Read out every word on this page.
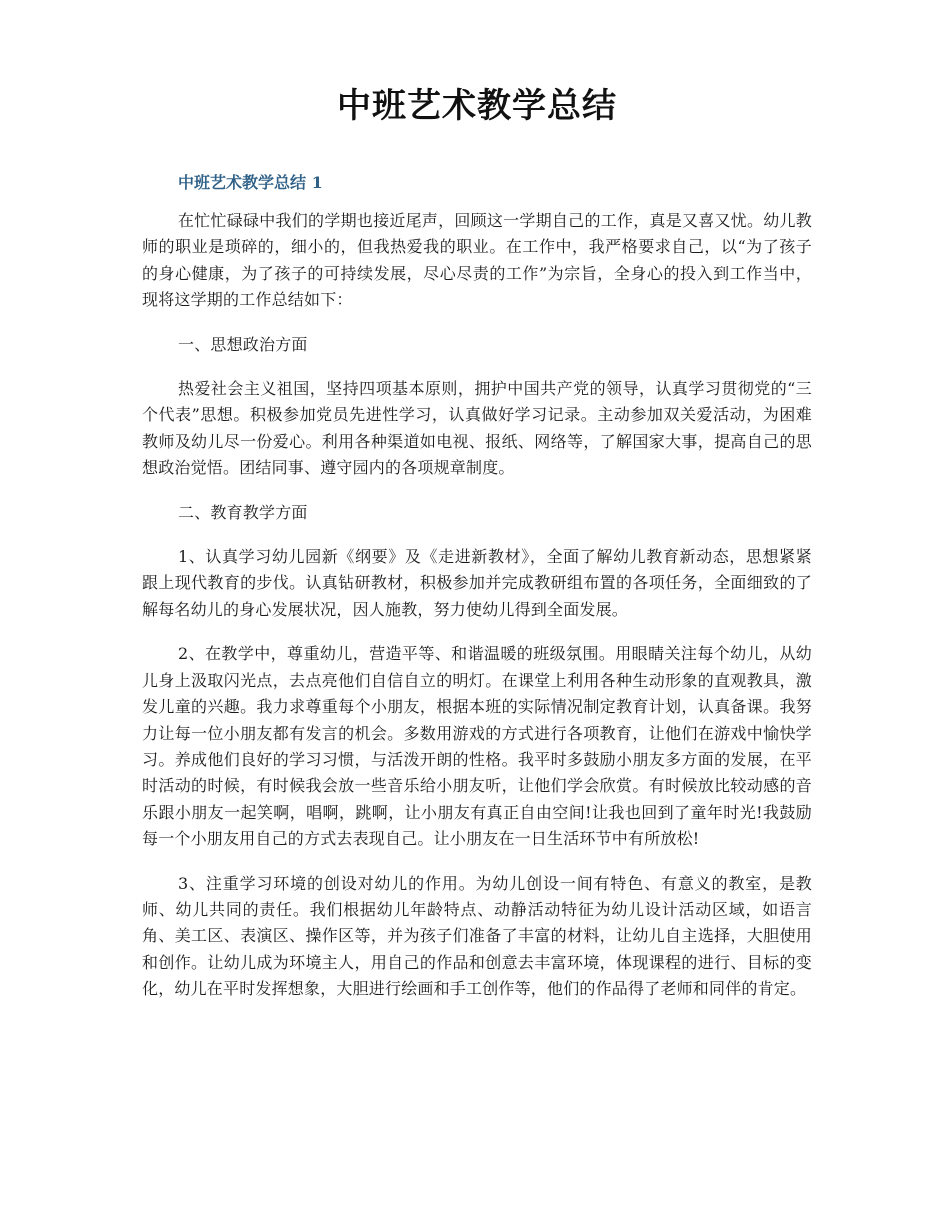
中班艺术教学总结
中班艺术教学总结 1

在忙忙碌碌中我们的学期也接近尾声，回顾这一学期自己的工作，真是又喜又忧。幼儿教师的职业是琐碎的，细小的，但我热爱我的职业。在工作中，我严格要求自己，以“为了孩子的身心健康，为了孩子的可持续发展，尽心尽责的工作”为宗旨，全身心的投入到工作当中，现将这学期的工作总结如下：

一、思想政治方面

热爱社会主义祖国，坚持四项基本原则，拥护中国共产党的领导，认真学习贯彻党的“三个代表”思想。积极参加党员先进性学习，认真做好学习记录。主动参加双关爱活动，为困难教师及幼儿尽一份爱心。利用各种渠道如电视、报纸、网络等，了解国家大事，提高自己的思想政治觉悟。团结同事、遵守园内的各项规章制度。

二、教育教学方面

1、认真学习幼儿园新《纲要》及《走进新教材》，全面了解幼儿教育新动态，思想紧紧跟上现代教育的步伐。认真钻研教材，积极参加并完成教研组布置的各项任务，全面细致的了解每名幼儿的身心发展状况，因人施教，努力使幼儿得到全面发展。

2、在教学中，尊重幼儿，营造平等、和谐温暖的班级氛围。用眼睛关注每个幼儿，从幼儿身上汲取闪光点，去点亮他们自信自立的明灯。在课堂上利用各种生动形象的直观教具，激发儿童的兴趣。我力求尊重每个小朋友，根据本班的实际情况制定教育计划，认真备课。我努力让每一位小朋友都有发言的机会。多数用游戏的方式进行各项教育，让他们在游戏中愉快学习。养成他们良好的学习习惯，与活泼开朗的性格。我平时多鼓励小朋友多方面的发展，在平时活动的时候，有时候我会放一些音乐给小朋友听，让他们学会欣赏。有时候放比较动感的音乐跟小朋友一起笑啊，唱啊，跳啊，让小朋友有真正自由空间!让我也回到了童年时光!我鼓励每一个小朋友用自己的方式去表现自己。让小朋友在一日生活环节中有所放松!

3、注重学习环境的创设对幼儿的作用。为幼儿创设一间有特色、有意义的教室，是教师、幼儿共同的责任。我们根据幼儿年龄特点、动静活动特征为幼儿设计活动区域，如语言角、美工区、表演区、操作区等，并为孩子们准备了丰富的材料，让幼儿自主选择，大胆使用和创作。让幼儿成为环境主人，用自己的作品和创意去丰富环境，体现课程的进行、目标的变化，幼儿在平时发挥想象，大胆进行绘画和手工创作等，他们的作品得了老师和同伴的肯定。
